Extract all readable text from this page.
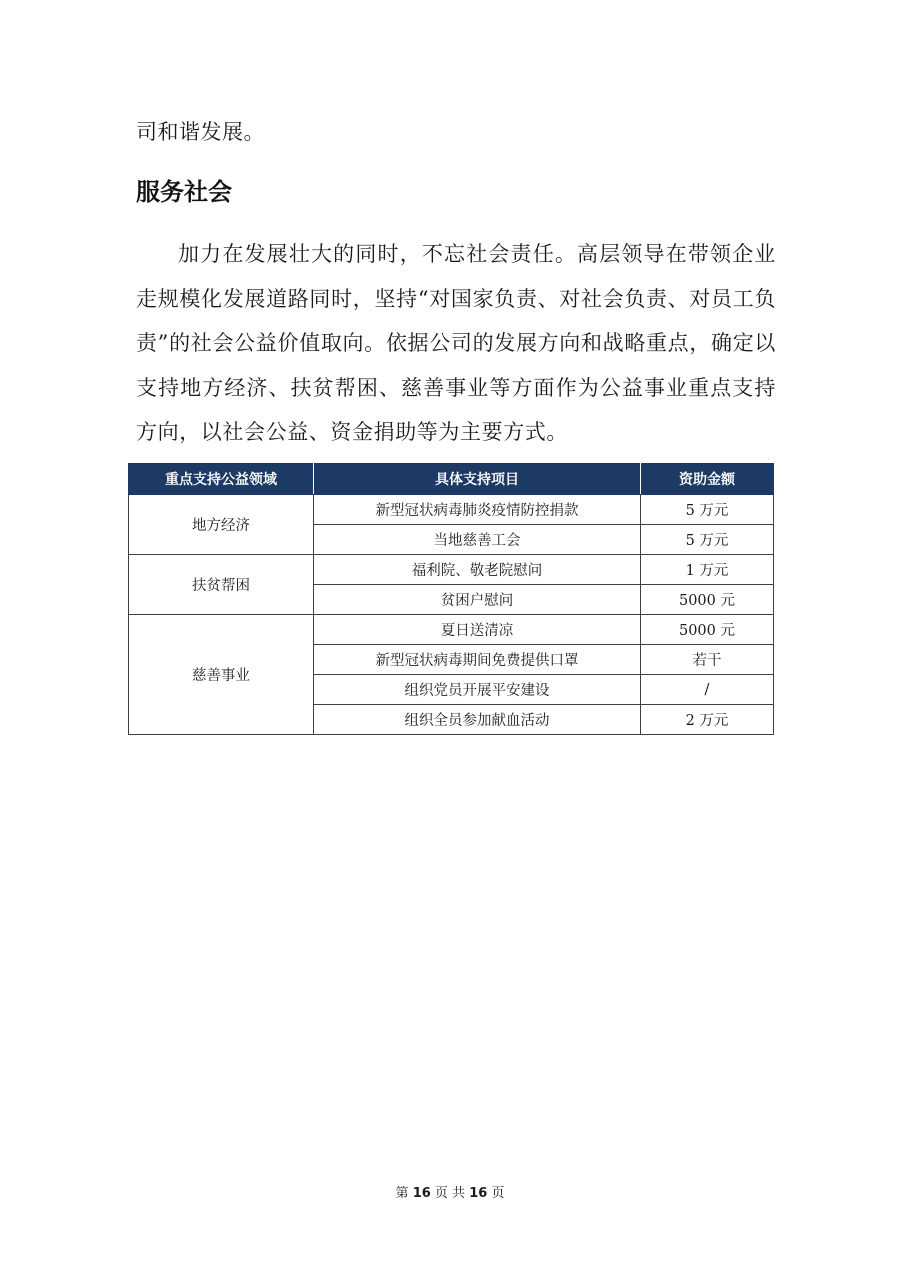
司和谐发展。
服务社会

加力在发展壮大的同时，不忘社会责任。高层领导在带领企业走规模化发展道路同时，坚持“对国家负责、对社会负责、对员工负责”的社会公益价值取向。依据公司的发展方向和战略重点，确定以支持地方经济、扶贫帮困、慈善事业等方面作为公益事业重点支持方向，以社会公益、资金捐助等为主要方式。

重点支持公益领域	具体支持项目	资助金额
地方经济	新型冠状病毒肺炎疫情防控捐款	5 万元
	当地慈善工会	5 万元
扶贫帮困	福利院、敬老院慰问	1 万元
	贫困户慰问	5000 元
慈善事业	夏日送清凉	5000 元
	新型冠状病毒期间免费提供口罩	若干
	组织党员开展平安建设	/
	组织全员参加献血活动	2 万元
第 16 页 共 16 页
